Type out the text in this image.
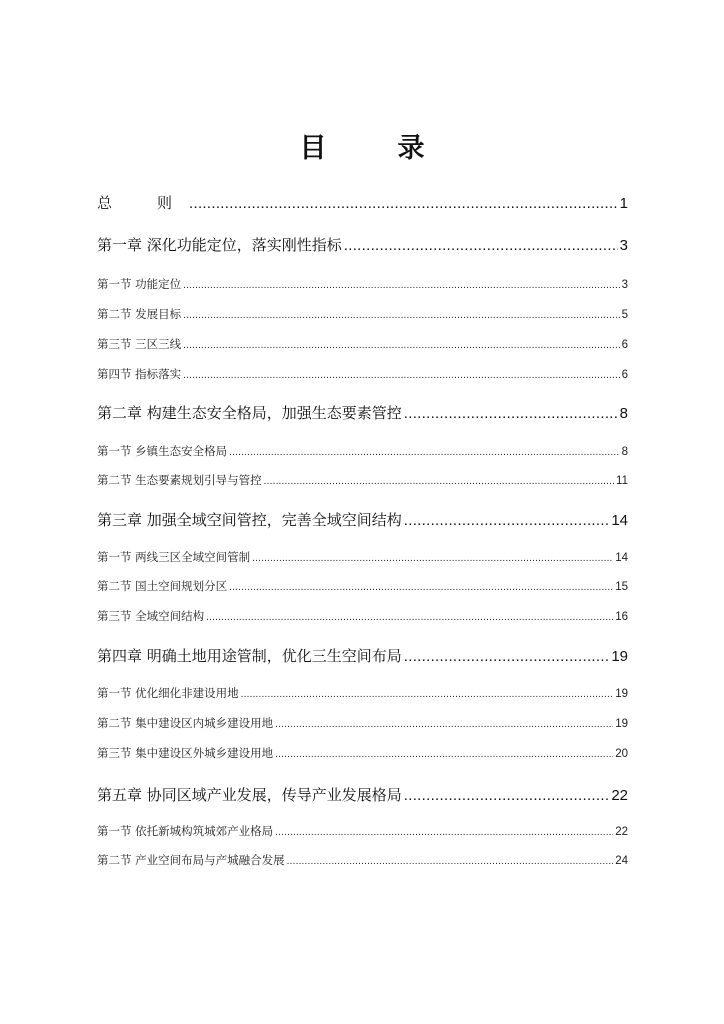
目　录
总　则 .....	1
第一章 深化功能定位，落实刚性指标 .....	3
第一节 功能定位 .....	3
第二节 发展目标 .....	5
第三节 三区三线 .....	6
第四节 指标落实 .....	6
第二章 构建生态安全格局，加强生态要素管控 .....	8
第一节 乡镇生态安全格局 .....	8
第二节 生态要素规划引导与管控 .....	11
第三章 加强全域空间管控，完善全域空间结构 .....	14
第一节 两线三区全域空间管制 .....	14
第二节 国土空间规划分区 .....	15
第三节 全域空间结构 .....	16
第四章 明确土地用途管制，优化三生空间布局 .....	19
第一节 优化细化非建设用地 .....	19
第二节 集中建设区内城乡建设用地 .....	19
第三节 集中建设区外城乡建设用地 .....	20
第五章 协同区域产业发展，传导产业发展格局 .....	22
第一节 依托新城构筑城郊产业格局 .....	22
第二节 产业空间布局与产城融合发展 .....	24
